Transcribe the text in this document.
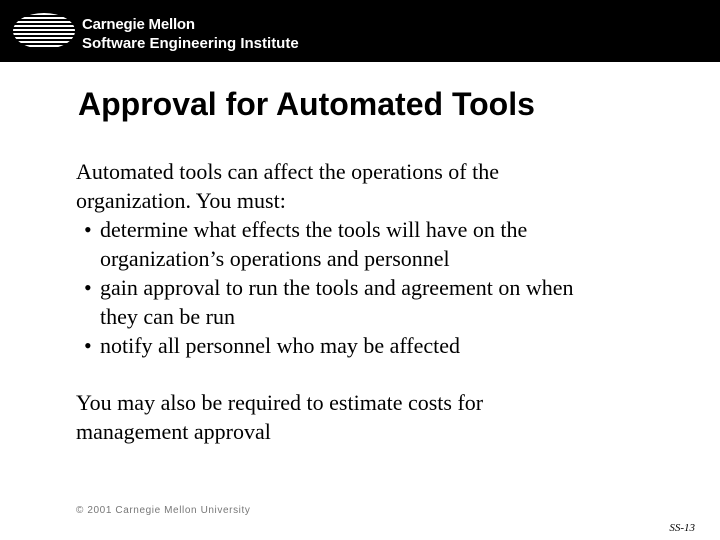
Carnegie Mellon
Software Engineering Institute
Approval for Automated Tools

Automated tools can affect the operations of the
organization. You must:

• determine what effects the tools will have on the
organization’s operations and personnel
• gain approval to run the tools and agreement on when
they can be run
• notify all personnel who may be affected

You may also be required to estimate costs for
management approval

© 2001 Carnegie Mellon University
SS-13
